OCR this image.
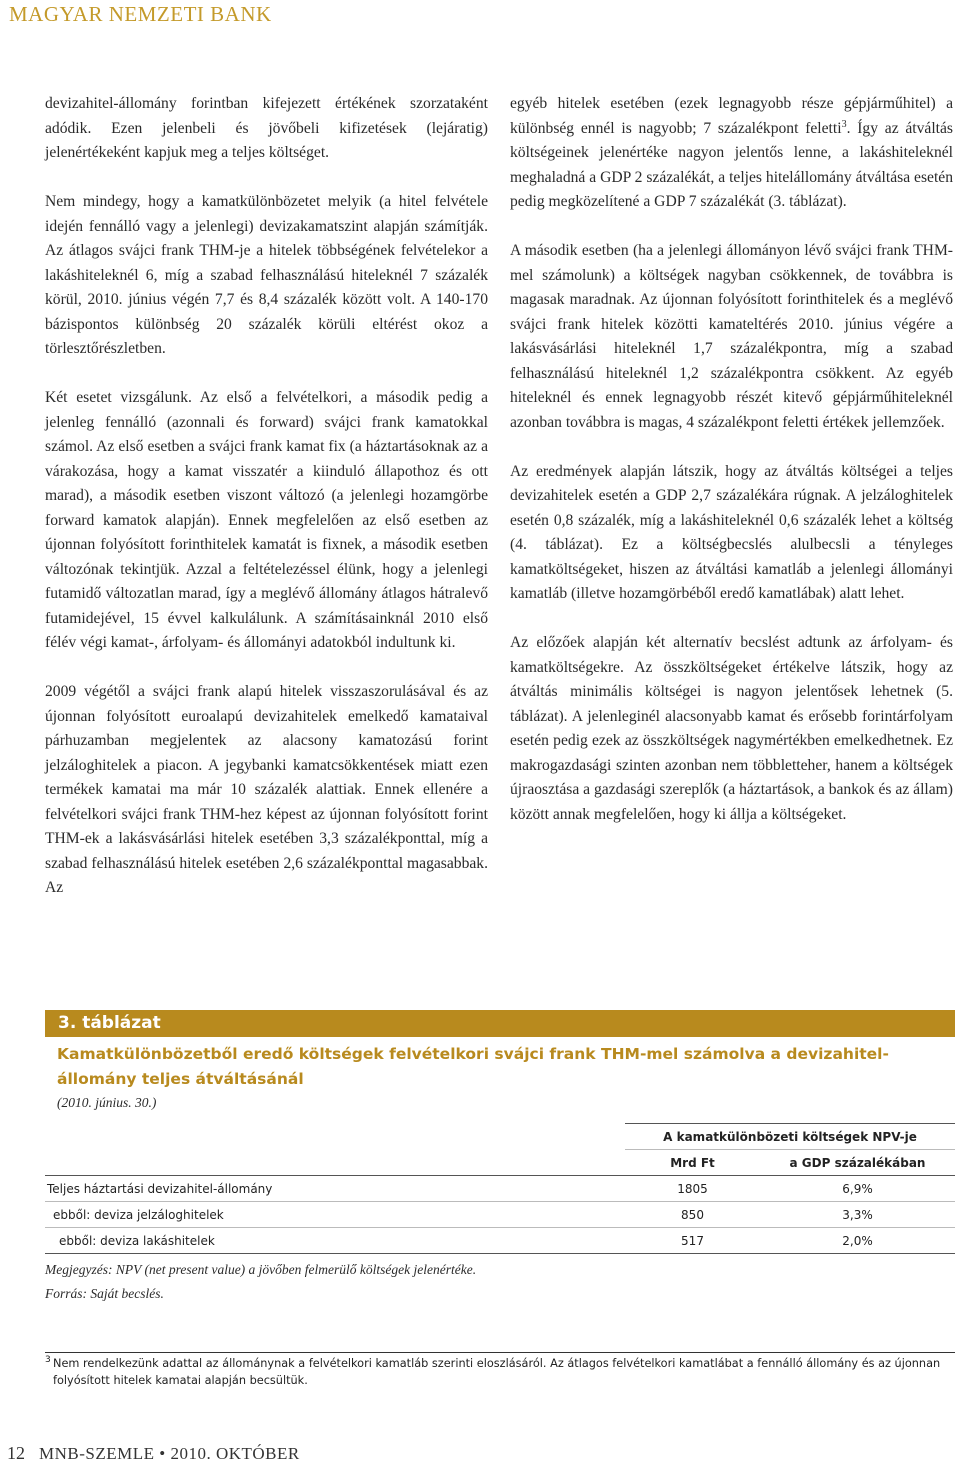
MAGYAR NEMZETI BANK

devizahitel-állomány forintban kifejezett értékének szorzataként adódik. Ezen jelenbeli és jövőbeli kifizetések (lejáratig) jelenértékeként kapjuk meg a teljes költséget.

Nem mindegy, hogy a kamatkülönbözetet melyik (a hitel felvétele idején fennálló vagy a jelenlegi) devizakamatszint alapján számítják. Az átlagos svájci frank THM-je a hitelek többségének felvételekor a lakáshiteleknél 6, míg a szabad felhasználású hiteleknél 7 százalék körül, 2010. június végén 7,7 és 8,4 százalék között volt. A 140-170 bázispontos különbség 20 százalék körüli eltérést okoz a törlesztőrészletben.

Két esetet vizsgálunk. Az első a felvételkori, a második pedig a jelenleg fennálló (azonnali és forward) svájci frank kamatokkal számol. Az első esetben a svájci frank kamat fix (a háztartásoknak az a várakozása, hogy a kamat visszatér a kiinduló állapothoz és ott marad), a második esetben viszont változó (a jelenlegi hozamgörbe forward kamatok alapján). Ennek megfelelően az első esetben az újonnan folyósított forinthitelek kamatát is fixnek, a második esetben változónak tekintjük. Azzal a feltételezéssel élünk, hogy a jelenlegi futamidő változatlan marad, így a meglévő állomány átlagos hátralevő futamidejével, 15 évvel kalkulálunk. A számításainknál 2010 első félév végi kamat-, árfolyam- és állományi adatokból indultunk ki.

2009 végétől a svájci frank alapú hitelek visszaszorulásával és az újonnan folyósított euroalapú devizahitelek emelkedő kamataival párhuzamban megjelentek az alacsony kamatozású forint jelzáloghitelek a piacon. A jegybanki kamatcsökkentések miatt ezen termékek kamatai ma már 10 százalék alattiak. Ennek ellenére a felvételkori svájci frank THM-hez képest az újonnan folyósított forint THM-ek a lakásvásárlási hitelek esetében 3,3 százalékponttal, míg a szabad felhasználású hitelek esetében 2,6 százalékponttal magasabbak. Az

egyéb hitelek esetében (ezek legnagyobb része gépjárműhitel) a különbség ennél is nagyobb; 7 százalékpont feletti$^3$. Így az átváltás költségeinek jelenértéke nagyon jelentős lenne, a lakáshiteleknél meghaladná a GDP 2 százalékát, a teljes hitelállomány átváltása esetén pedig megközelítené a GDP 7 százalékát (3. táblázat).

A második esetben (ha a jelenlegi állományon lévő svájci frank THM-mel számolunk) a költségek nagyban csökkennek, de továbbra is magasak maradnak. Az újonnan folyósított forinthitelek és a meglévő svájci frank hitelek közötti kamateltérés 2010. június végére a lakásvásárlási hiteleknél 1,7 százalékpontra, míg a szabad felhasználású hiteleknél 1,2 százalékpontra csökkent. Az egyéb hiteleknél és ennek legnagyobb részét kitevő gépjárműhiteleknél azonban továbbra is magas, 4 százalékpont feletti értékek jellemzőek.

Az eredmények alapján látszik, hogy az átváltás költségei a teljes devizahitelek esetén a GDP 2,7 százalékára rúgnak. A jelzáloghitelek esetén 0,8 százalék, míg a lakáshiteleknél 0,6 százalék lehet a költség (4. táblázat). Ez a költségbecslés alulbecsli a tényleges kamatköltségeket, hiszen az átváltási kamatláb a jelenlegi állományi kamatláb (illetve hozamgörbéből eredő kamatlábak) alatt lehet.

Az előzőek alapján két alternatív becslést adtunk az árfolyam- és kamatköltségekre. Az összköltségeket értékelve látszik, hogy az átváltás minimális költségei is nagyon jelentősek lehetnek (5. táblázat). A jelenleginél alacsonyabb kamat és erősebb forintárfolyam esetén pedig ezek az összköltségek nagymértékben emelkedhetnek. Ez makrogazdasági szinten azonban nem többletteher, hanem a költségek újraosztása a gazdasági szereplők (a háztartások, a bankok és az állam) között annak megfelelően, hogy ki állja a költségeket.

3. táblázat
Kamatkülönbözetből eredő költségek felvételkori svájci frank THM-mel számolva a devizahitel-állomány teljes átváltásánál
(2010. június. 30.)
	A kamatkülönbözeti költségek NPV-je	
	Mrd Ft	a GDP százalékában
Teljes háztartási devizahitel-állomány	1805	6,9%
ebből: deviza jelzáloghitelek	850	3,3%
ebből: deviza lakáshitelek	517	2,0%
Megjegyzés: NPV (net present value) a jövőben felmerülő költségek jelenértéke.
Forrás: Saját becslés.
3 Nem rendelkezünk adattal az állománynak a felvételkori kamatláb szerinti eloszlásáról. Az átlagos felvételkori kamatlábat a fennálló állomány és az újonnan folyósított hitelek kamatai alapján becsültük.
12 MNB-SZEMLE • 2010. OKTÓBER
